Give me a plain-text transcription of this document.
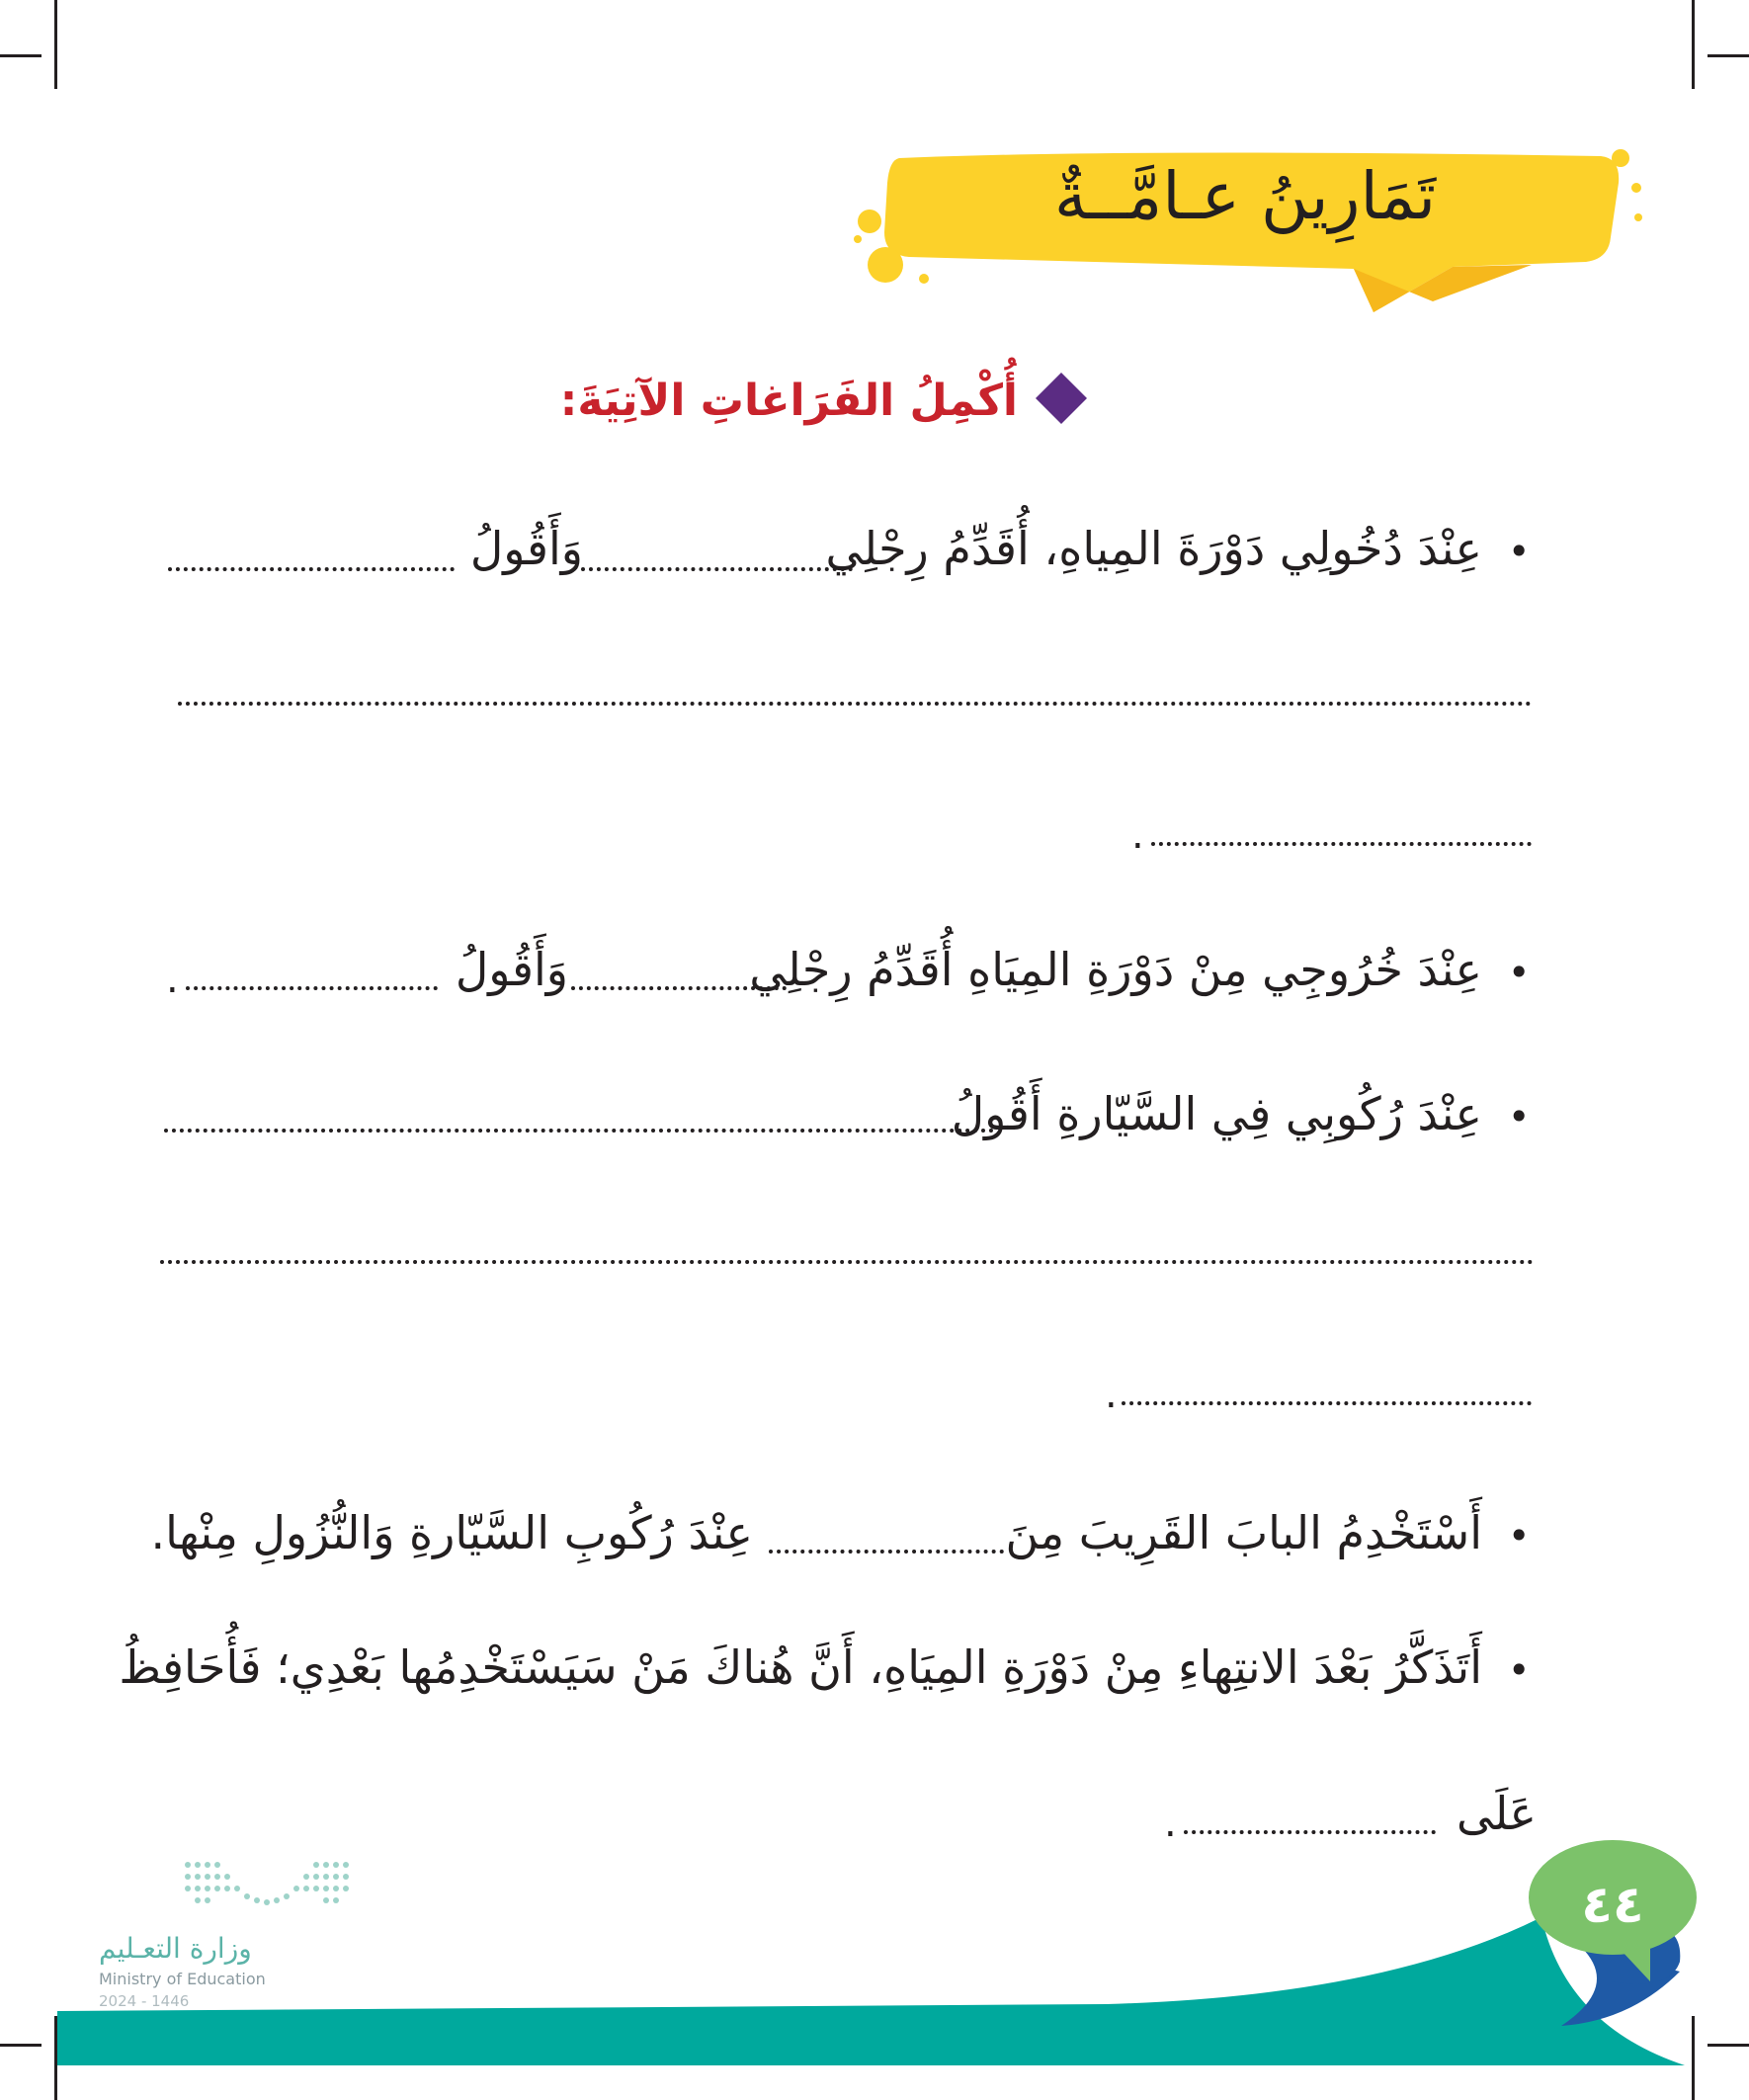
تَمَارِينُ عـامَّــةٌ
أُكْمِلُ الفَرَاغاتِ الآتِيَةَ:
•
عِنْدَ دُخُولِي دَوْرَةَ المِياهِ، أُقَدِّمُ رِجْلِي
وَأَقُولُ
.
•
عِنْدَ خُرُوجِي مِنْ دَوْرَةِ المِيَاهِ أُقَدِّمُ رِجْلِي
وَأَقُولُ
.
•
عِنْدَ رُكُوبِي فِي السَّيّارةِ أَقُولُ
.
•
أَسْتَخْدِمُ البابَ القَرِيبَ مِنَ
عِنْدَ رُكُوبِ السَّيّارةِ وَالنُّزُولِ مِنْها.
•
أَتَذَكَّرُ بَعْدَ الانتِهاءِ مِنْ دَوْرَةِ المِيَاهِ، أَنَّ هُناكَ مَنْ سَيَسْتَخْدِمُها بَعْدِي؛ فَأُحَافِظُ
عَلَى
.
٤٤
وزارة التعـليم
Ministry of Education
2024 - 1446
